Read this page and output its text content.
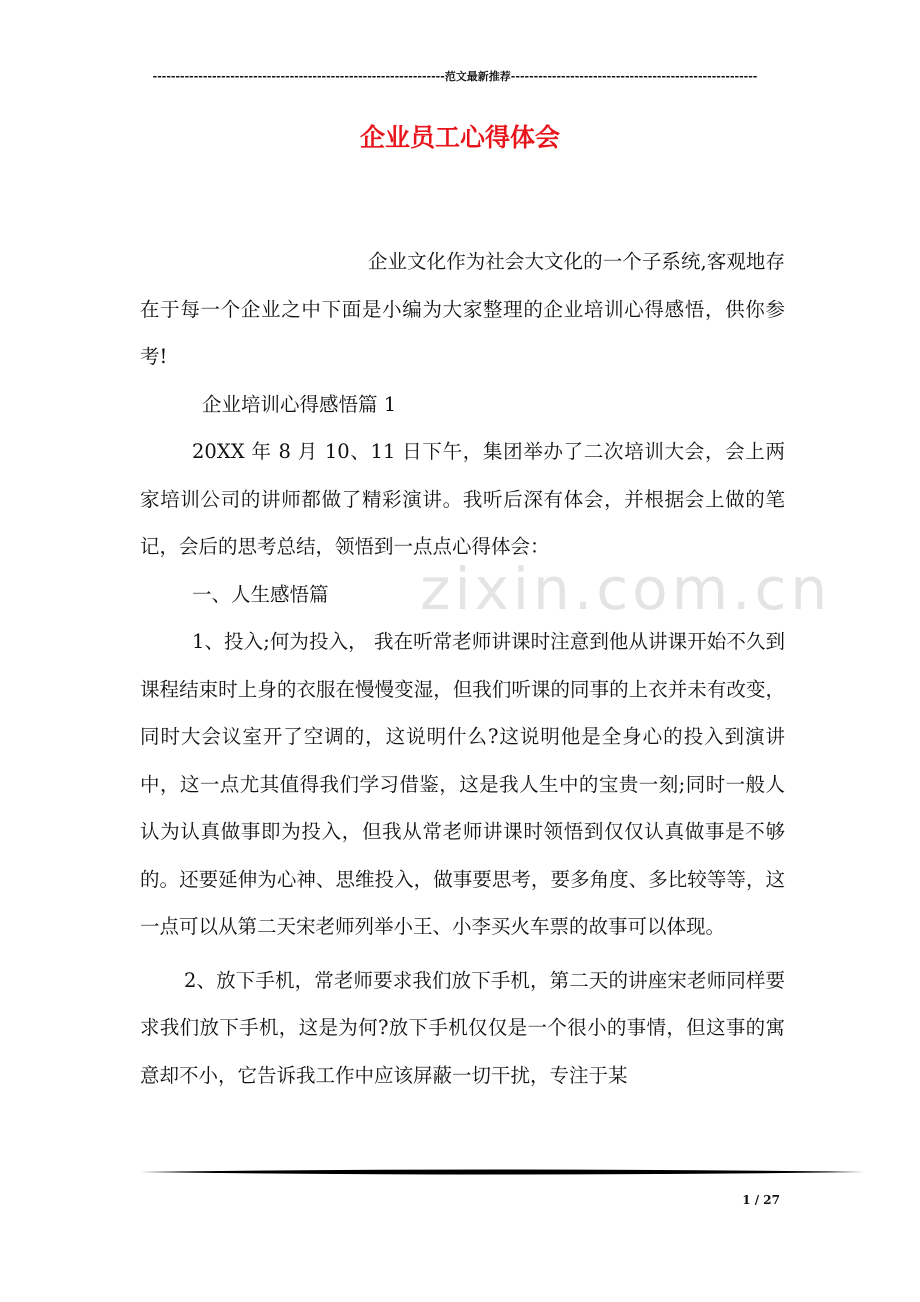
----------------------------------------------------------------范文最新推荐------------------------------------------------------
企业员工心得体会
zixin.com.cn

企业文化作为社会大文化的一个子系统,客观地存在于每一个企业之中下面是小编为大家整理的企业培训心得感悟，供你参考!

企业培训心得感悟篇 1

20XX 年 8 月 10、11 日下午，集团举办了二次培训大会，会上两家培训公司的讲师都做了精彩演讲。我听后深有体会，并根据会上做的笔记，会后的思考总结，领悟到一点点心得体会：

一、人生感悟篇

1、投入;何为投入， 我在听常老师讲课时注意到他从讲课开始不久到课程结束时上身的衣服在慢慢变湿，但我们听课的同事的上衣并未有改变，同时大会议室开了空调的，这说明什么?这说明他是全身心的投入到演讲中，这一点尤其值得我们学习借鉴，这是我人生中的宝贵一刻;同时一般人认为认真做事即为投入，但我从常老师讲课时领悟到仅仅认真做事是不够的。还要延伸为心神、思维投入，做事要思考，要多角度、多比较等等，这一点可以从第二天宋老师列举小王、小李买火车票的故事可以体现。

2、放下手机，常老师要求我们放下手机，第二天的讲座宋老师同样要求我们放下手机，这是为何?放下手机仅仅是一个很小的事情，但这事的寓意却不小，它告诉我工作中应该屏蔽一切干扰，专注于某

1 / 27
